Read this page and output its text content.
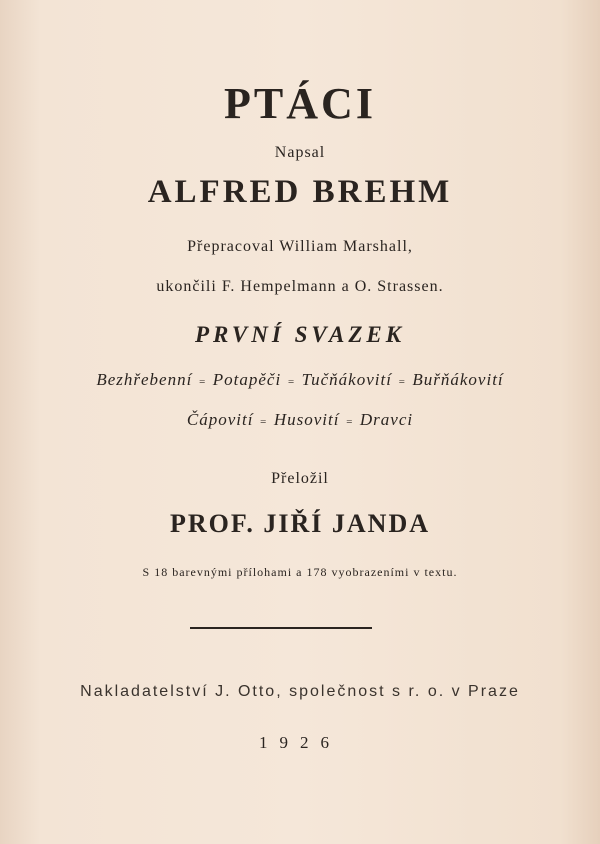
PTÁCI
Napsal
ALFRED BREHM
Přepracoval William Marshall,
ukončili F. Hempelmann a O. Strassen.
PRVNÍ SVAZEK
Bezhřebenní = Potapěči = Tučňákovití = Buřňákovití
Čápovití = Husovití = Dravci
Přeložil
PROF. JIŘÍ JANDA
S 18 barevnými přílohami a 178 vyobrazeními v textu.
Nakladatelství J. Otto, společnost s r. o. v Praze
1926
